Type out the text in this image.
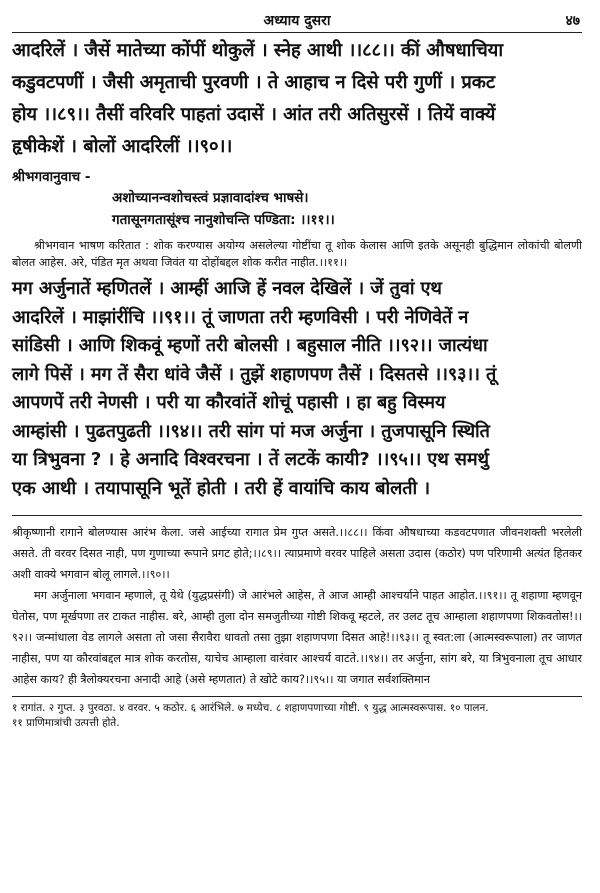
अध्याय दुसरा	४७

आदरिलें । जैसें मातेच्या कोंपीं थोकुलें । स्नेह आथी ।।८८।। कीं औषधाचिया

कडुवटपणीं । जैसी अमृताची पुरवणी । ते आहाच न दिसे परी गुणीं । प्रकट

होय ।।८९।। तैसीं वरिवरि पाहतां उदासें । आंत तरी अतिसुरसें । तियें वाक्यें

हृषीकेशें । बोलों आदरिलीं ।।९०।।

श्रीभगवानुवाच -
अशोच्यानन्वशोचस्त्वं प्रज्ञावादांश्च भाषसे।
गतासूनगतासूंश्च नानुशोचन्ति पण्डिता: ।।११।।
श्रीभगवान भाषण करितात : शोक करण्यास अयोग्य असलेल्या गोष्टींचा तू शोक केलास आणि इतके असूनही बुद्धिमान लोकांची बोलणी बोलत आहेस. अरे, पंडित मृत अथवा जिवंत या दोहोंबद्दल शोक करीत नाहीत.।।११।।

मग अर्जुनातें म्हणितलें । आम्हीं आजि हें नवल देखिलें । जें तुवां एथ

आदरिलें । माझांरींचि ।।९१।। तूं जाणता तरी म्हणविसी । परी नेणिवेतें न

सांडिसी । आणि शिकवूं म्हणों तरी बोलसी । बहुसाल नीति ।।९२।। जात्यंधा

लागे पिसें । मग तें सैरा धांवे जैसें । तुझें शहाणपण तैसें । दिसतसे ।।९३।। तूं

आपणपें तरी नेणसी । परी या कौरवांतें शोचूं पहासी । हा बहु विस्मय

आम्हांसी । पुढतपुढती ।।९४।। तरी सांग पां मज अर्जुना । तुजपासूनि स्थिति

या त्रिभुवना ? । हे अनादि विश्वरचना । तें लटकें कायी? ।।९५।। एथ समर्थु

एक आथी । तयापासूनि भूतें होती । तरी हें वायांचि काय बोलती ।

श्रीकृष्णानी रागाने बोलण्यास आरंभ केला. जसे आईच्या रागात प्रेम गुप्त असते.।।८८।। किंवा औषधाच्या कडवटपणात जीवनशक्ती भरलेली असते. ती वरवर दिसत नाही, पण गुणाच्या रूपाने प्रगट होते;।।८९।। त्याप्रमाणे वरवर पाहिले असता उदास (कठोर) पण परिणामी अत्यंत हितकर अशी वाक्ये भगवान बोलू लागले.।।९०।।

मग अर्जुनाला भगवान म्हणाले, तू येथे (युद्धप्रसंगी) जे आरंभले आहेस, ते आज आम्ही आश्चर्याने पाहत आहोत.।।९१।। तू शहाणा म्हणवून घेतोस, पण मूर्खपणा तर टाकत नाहीस. बरे, आम्ही तुला दोन समजुतीच्या गोष्टी शिकवू म्हटले, तर उलट तूच आम्हाला शहाणपणा शिकवतोस!।।९२।। जन्मांधाला वेड लागले असता तो जसा सैरावैरा धावतो तसा तुझा शहाणपणा दिसत आहे!।।९३।। तू स्वत:ला (आत्मस्वरूपाला) तर जाणत नाहीस, पण या कौरवांबद्दल मात्र शोक करतोस, याचेच आम्हाला वारंवार आश्चर्य वाटते.।।९४।। तर अर्जुना, सांग बरे, या त्रिभुवनाला तूच आधार आहेस काय? ही त्रैलोक्यरचना अनादी आहे (असे म्हणतात) ते खोटे काय?।।९५।। या जगात सर्वशक्तिमान

१ रागांत. २ गुप्त. ३ पुरवठा. ४ वरवर. ५ कठोर. ६ आरंभिले. ७ मध्येच. ८ शहाणपणाच्या गोष्टी. ९ युद्ध आत्मस्वरूपास. १० पालन.
११ प्राणिमात्रांची उत्पत्ती होते.
